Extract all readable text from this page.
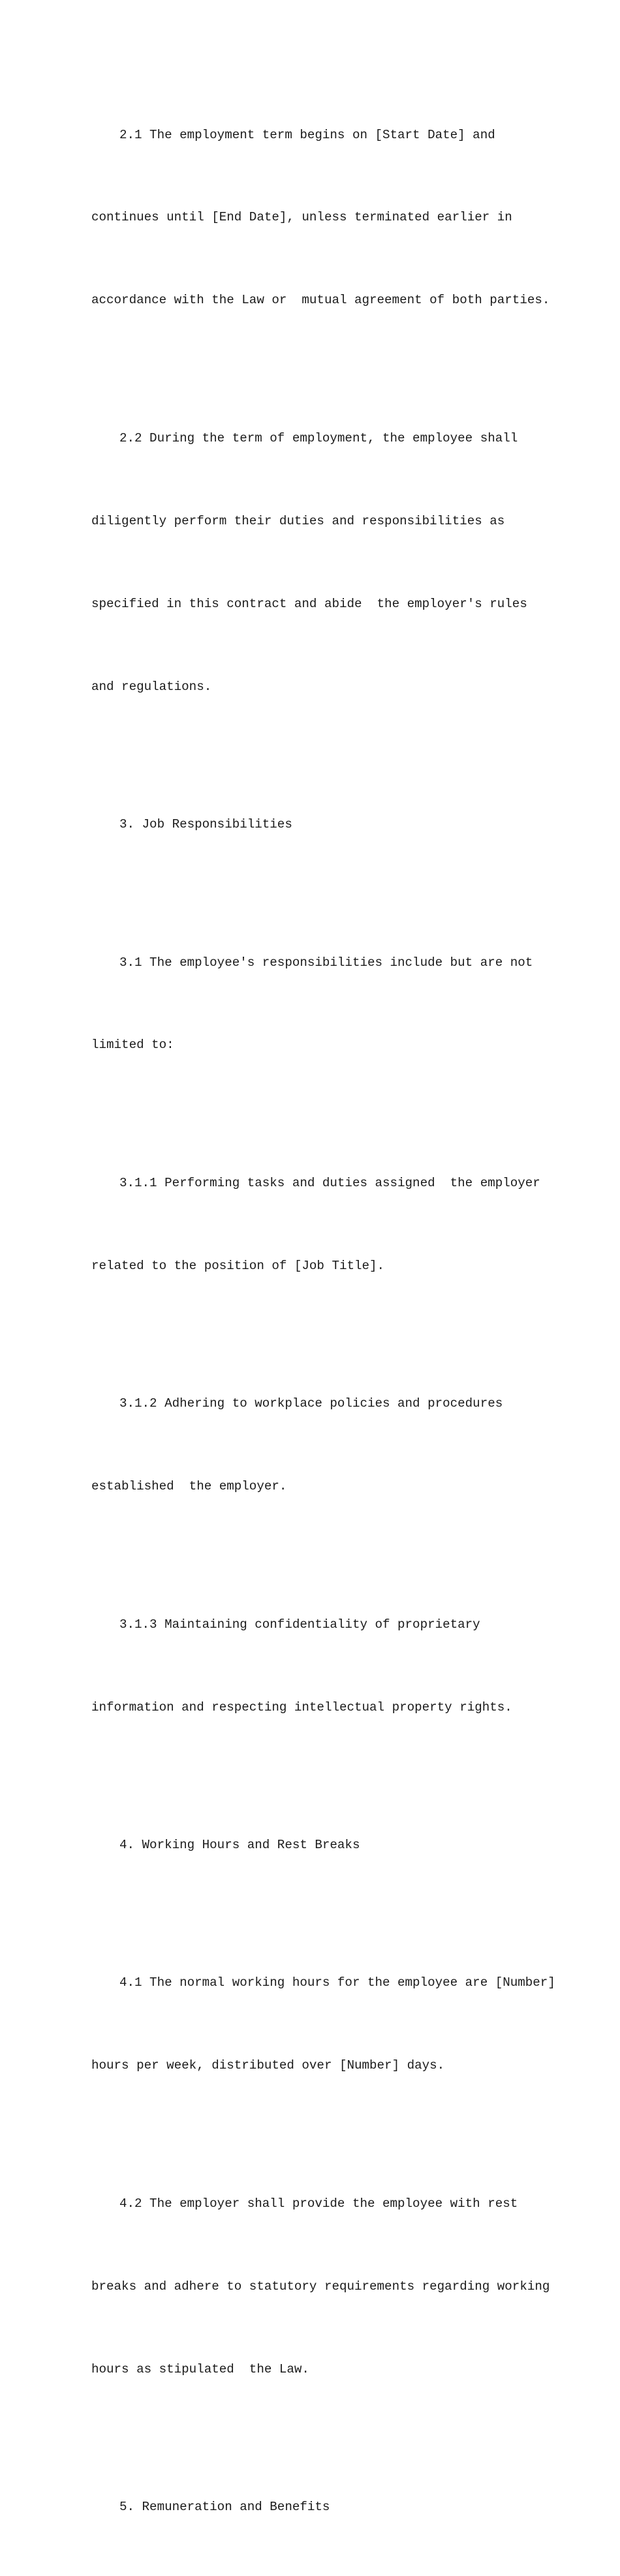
2.1 The employment term begins on [Start Date] and

continues until [End Date], unless terminated earlier in

accordance with the Law or  mutual agreement of both parties.

2.2 During the term of employment, the employee shall

diligently perform their duties and responsibilities as

specified in this contract and abide  the employer's rules

and regulations.

3. Job Responsibilities

3.1 The employee's responsibilities include but are not

limited to:

3.1.1 Performing tasks and duties assigned  the employer

related to the position of [Job Title].

3.1.2 Adhering to workplace policies and procedures

established  the employer.

3.1.3 Maintaining confidentiality of proprietary

information and respecting intellectual property rights.

4. Working Hours and Rest Breaks

4.1 The normal working hours for the employee are [Number]

hours per week, distributed over [Number] days.

4.2 The employer shall provide the employee with rest

breaks and adhere to statutory requirements regarding working

hours as stipulated  the Law.

5. Remuneration and Benefits
